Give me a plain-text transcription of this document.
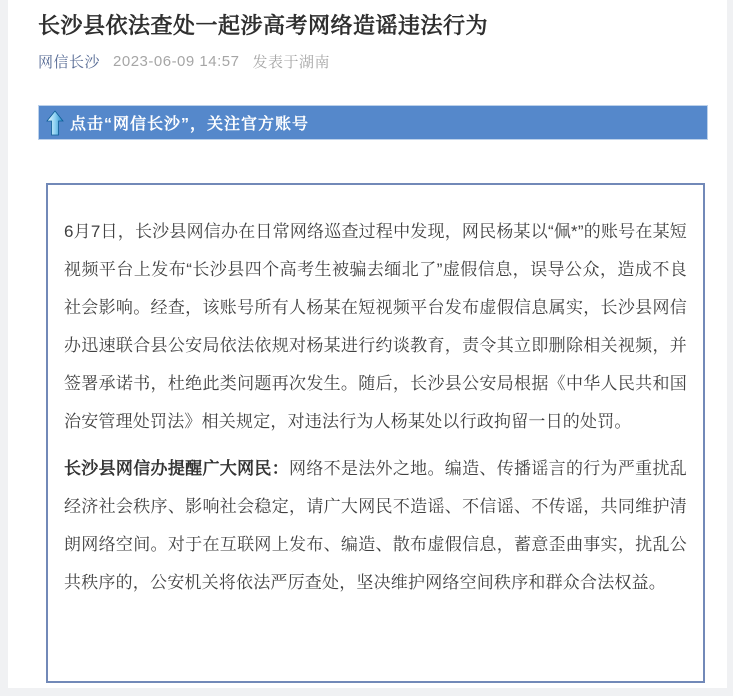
长沙县依法查处一起涉高考网络造谣违法行为
网信长沙 2023-06-09 14:57 发表于湖南
点击“网信长沙”，关注官方账号

6月7日，长沙县网信办在日常网络巡查过程中发现，网民杨某以“佩*”的账号在某短视频平台上发布“长沙县四个高考生被骗去缅北了”虚假信息，误导公众，造成不良社会影响。经查，该账号所有人杨某在短视频平台发布虚假信息属实，长沙县网信办迅速联合县公安局依法依规对杨某进行约谈教育，责令其立即删除相关视频，并签署承诺书，杜绝此类问题再次发生。随后，长沙县公安局根据《中华人民共和国治安管理处罚法》相关规定，对违法行为人杨某处以行政拘留一日的处罚。

长沙县网信办提醒广大网民：网络不是法外之地。编造、传播谣言的行为严重扰乱经济社会秩序、影响社会稳定，请广大网民不造谣、不信谣、不传谣，共同维护清朗网络空间。对于在互联网上发布、编造、散布虚假信息，蓄意歪曲事实，扰乱公共秩序的，公安机关将依法严厉查处，坚决维护网络空间秩序和群众合法权益。
